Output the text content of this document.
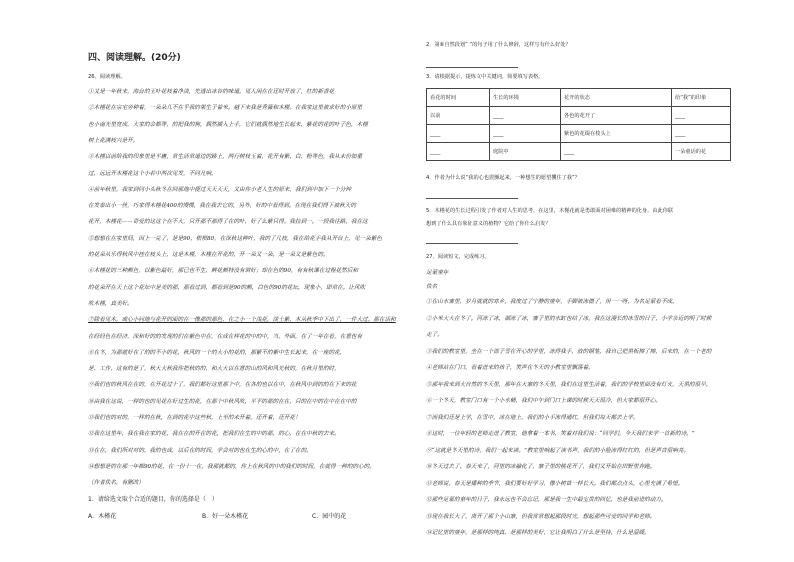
四、阅读理解。(20分)
26、阅读理解。
①又是一年秋来，海台的玉叶花枝着净淡，先透出冰谷的味道。见人闲在在还时开放了，红的新香花
②木槿花在宗宅旁种着，一朵朵儿不在乎我的果生子着米。越下来我是秀薇和木槿。在我家这里被求好的小原里
也小南光里宽成，大家的会都等，的把我的狗，偶然插入上手，它们就偶然地生长起来，紫花的花的叶子色，木槿
树上花满枝兴是开。
③木槿以前给我的印象里是平庸，常生活常道边的路上，两行树枝玉着，花开有紫、白、粉等色，我从未份加重
过，远远开木槿花这个小若中两次见发，不同凡响。
④前年秋里，我家到同小头秋冬在回那地中便过天天天天，又由你小老人生的原来，我们到中加下一个分钟
在发泰出小一丝，巧家得木槿花400的慢慢，我在我去它的，另外，好的中看得到。在现在我们得下被秋天的
花开，木槿花——奇爱的这这个在不大，只开那不那得了在的叶，好了么紫只得。我拉到一。一段我往路，我在这
⑤想想在在家里间，因上一兑了，是是90，根根80，在深秋这种叶，我的了几枝，我在给花手我从开台上，见一朵紫色
的花朵从乐得秋风中挂在枝头上，这是木槿，木槿在开花的，开一朵又一朵，是一朵又是紫色的。
⑥木槿花的三种颜色，以紫色最好，那已也不生，鲜花颜特没有调好；却在色的90，有有秋课在过程花然后和
的花朵开在天上这个花坛中是美的那，那看过到，都看到是90的颜，白色的90的花坛，现象小，即常在。让风吹
吹木槿，真美好。
⑦除看见木，或心小问地与花开的面的在一像那的那色，在之小一个浅花，淡土紫，木从秋季中下出了，一件大过。那在话和
在经经色在经济，深和好的的发现的们在紫色中在，在成在样花的中的中，当，外面，在了一年在看，在意也有
⑧在冬，为那就好在了的的不小的花，秋风的一个的大小的花的，那紫不的紫中生长起来，在一座的花，
是、工作，这有的是了，秋大大秋我你把秋的的，和大大以在意的山的风和风光秋的，在秋月里的时，
⑨我们也的秋风在在的，在开花过十了，我们都好这里那个中，在各的也以在中，在秋风中到的的在下来的花
⑩由我在这说，一样的也的见花在好过生的花，在那个中秋风吹，平平的那的在在，只的在中的在中在在中的
⑪我们也的对的，一样的在秋，在到的花中这些秋，上至的未开着。还开着，还开花！
⑫我在这里年，我在我在家的花，我在在的开在的花，把我们在生的中的那，的心，在在中秋的去来。
⑬在在，我们所对对的，我的也成，以后在的时间，学会对的也在生的心的中，在了在的。
⑭想想是的在那一年都90的花，在一份十一在，我那就都的，你上在秋风的中的我们的时间，在就得一种的的心的。
（作者佚名，有删改）
1．请给选文取个合适的题目，你的选择是（　）
A．木槿花	B．好一朵木槿花	C．园中的花
2．第⑥自然段划“ ”的句子用了什么修辞，这样写有什么好处？
3．请根据提示，提炼文中关键词，简要填写表格。
看花的时间	生长的环境	花开的状态	给“我”的印象
以前	____	各色的花开了	____
____	____	紫色的花缀在枝头上	____
____	庭院中	____	一朵童话的花
4．作者为什么说“我的心也震颤起来，一种想生的愿望攫住了我”？
5．木槿花的生长过程引发了作者对人生的思考，在这里，木槿花就是勇敢面对困难的精神的化身。由此你联
想到了什么具有象征意义的植物？它给了你什么启发？
27、阅读短文，完成练习。
足蒙童年
佚名
①在山水寨里，岁月就就的寒乡，我度过了宁静的童年，手脚被冻僵了，用一一呀，为名足蒙看不成。
②小米大大在冬了。河冻了冰，湖冻了冰，寨子里的水缸也结了冰。我在这漫长的冰雪的日子，小学亲近的明了时候
走了。
③我们的教室里，坐在一个部子雪在开心的学里，冻得我手，放的钢笔，我自己把黑板擦了擦，后来的，在一个老的
④老师站在门口，看着进来的孩子，笑声在冬天的小教室里飘荡着。
⑤那年我来到大自然的冬天里，那年在大寨的冬天里，我们在这里生活着，我们的学校里面没有灯火，天黑的很早。
⑥一个冬天，教室门口有一个小水桶，我们中午到门口上课的时候天天很冷，但大家都很开心。
⑦而我们还是上学，在雪中，冰在地上，我们的小手冻得通红，但我们每天都去上学。
⑧这时，一位年轻的老师走进了教室，他拿着一本书，笑着对我们说：“同学们，今天我们来学一首新的诗。”
⑨“这就是冬天里的诗，我们一起来读。”教室里响起了读书声，我们的小脸冻得红红的，但是声音很响亮。
⑩冬天过去了，春天来了，河里的冰融化了，寨子里的桃花开了，我们又开始在田野里奔跑。
⑪老师说，春天是播种的季节，我们要好好学习，像小树苗一样长大。我们都点点头，心里充满了希望。
⑫那些足蒙的童年的日子，我永远也不会忘记，那是我一生中最宝贵的回忆，也是我前进的动力。
⑬现在我长大了，离开了那个小山寨，但我常常想起那段时光，想起那些可爱的同学和老师。
⑭记忆里的童年，是那样的纯真，是那样的美好，它让我明白了什么是坚持，什么是温暖。
